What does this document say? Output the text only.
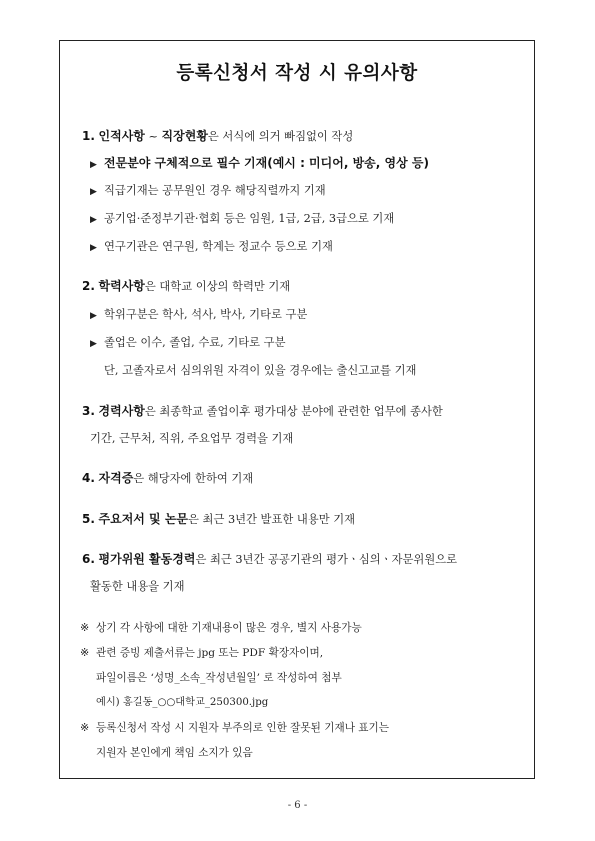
등록신청서 작성 시 유의사항
1. 인적사항 ~ 직장현황은 서식에 의거 빠짐없이 작성
▶ 전문분야 구체적으로 필수 기재(예시 : 미디어, 방송, 영상 등)
▶ 직급기재는 공무원인 경우 해당직렬까지 기재
▶ 공기업·준정부기관·협회 등은 임원, 1급, 2급, 3급으로 기재
▶ 연구기관은 연구원, 학계는 정교수 등으로 기재
2. 학력사항은 대학교 이상의 학력만 기재
▶ 학위구분은 학사, 석사, 박사, 기타로 구분
▶ 졸업은 이수, 졸업, 수료, 기타로 구분
단, 고졸자로서 심의위원 자격이 있을 경우에는 출신고교를 기재
3. 경력사항은 최종학교 졸업이후 평가대상 분야에 관련한 업무에 종사한
기간, 근무처, 직위, 주요업무 경력을 기재
4. 자격증은 해당자에 한하여 기재
5. 주요저서 및 논문은 최근 3년간 발표한 내용만 기재
6. 평가위원 활동경력은 최근 3년간 공공기관의 평가ㆍ심의ㆍ자문위원으로
활동한 내용을 기재
※ 상기 각 사항에 대한 기재내용이 많은 경우, 별지 사용가능
※ 관련 증빙 제출서류는 jpg 또는 PDF 확장자이며,
파일이름은 ‘성명_소속_작성년월일’ 로 작성하여 첨부
예시) 홍길동_○○대학교_250300.jpg
※ 등록신청서 작성 시 지원자 부주의로 인한 잘못된 기재나 표기는
지원자 본인에게 책임 소지가 있음
- 6 -
